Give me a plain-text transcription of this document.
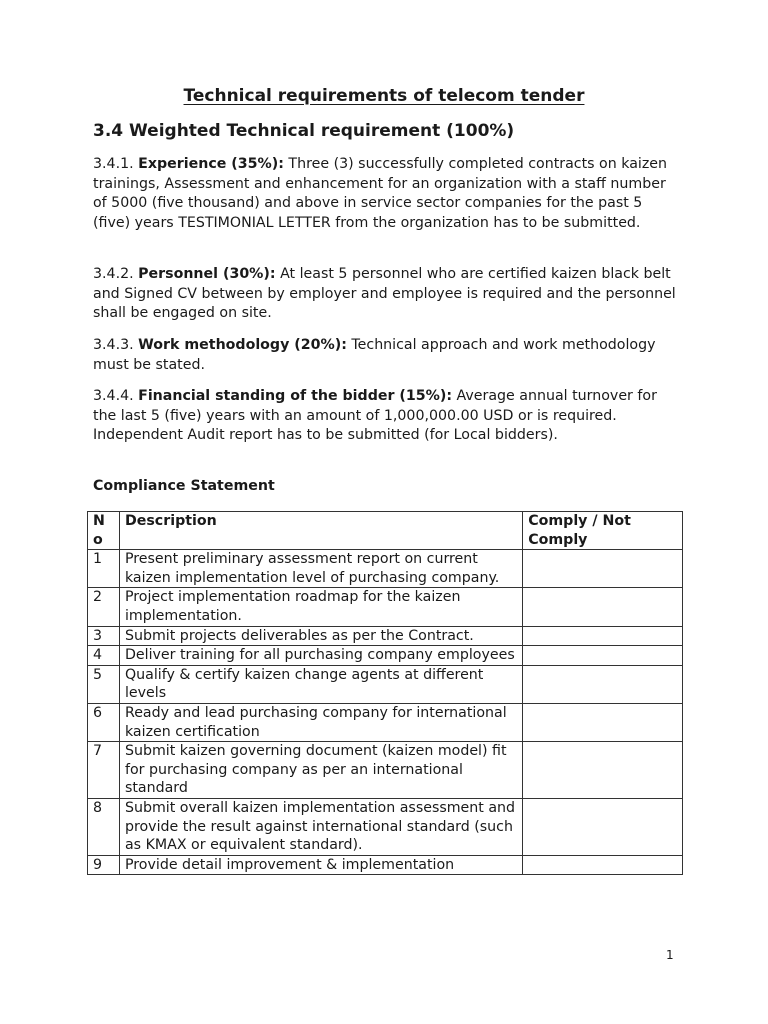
Technical requirements of telecom tender
3.4 Weighted Technical requirement (100%)

3.4.1. Experience (35%): Three (3) successfully completed contracts on kaizen trainings, Assessment and enhancement for an organization with a staff number of 5000 (five thousand) and above in service sector companies for the past 5 (five) years TESTIMONIAL LETTER from the organization has to be submitted.

3.4.2. Personnel (30%): At least 5 personnel who are certified kaizen black belt and Signed CV between by employer and employee is required and the personnel shall be engaged on site.

3.4.3. Work methodology (20%): Technical approach and work methodology must be stated.

3.4.4. Financial standing of the bidder (15%): Average annual turnover for the last 5 (five) years with an amount of 1,000,000.00 USD or is required. Independent Audit report has to be submitted (for Local bidders).

Compliance Statement

N o	Description	Comply / Not Comply
1	Present preliminary assessment report on current kaizen implementation level of purchasing company.	
2	Project implementation roadmap for the kaizen implementation.	
3	Submit projects deliverables as per the Contract.	
4	Deliver training for all purchasing company employees	
5	Qualify & certify kaizen change agents at different levels	
6	Ready and lead purchasing company for international kaizen certification	
7	Submit kaizen governing document (kaizen model) fit for purchasing company as per an international standard	
8	Submit overall kaizen implementation assessment and provide the result against international standard (such as KMAX or equivalent standard).	
9	Provide detail improvement & implementation	
1
